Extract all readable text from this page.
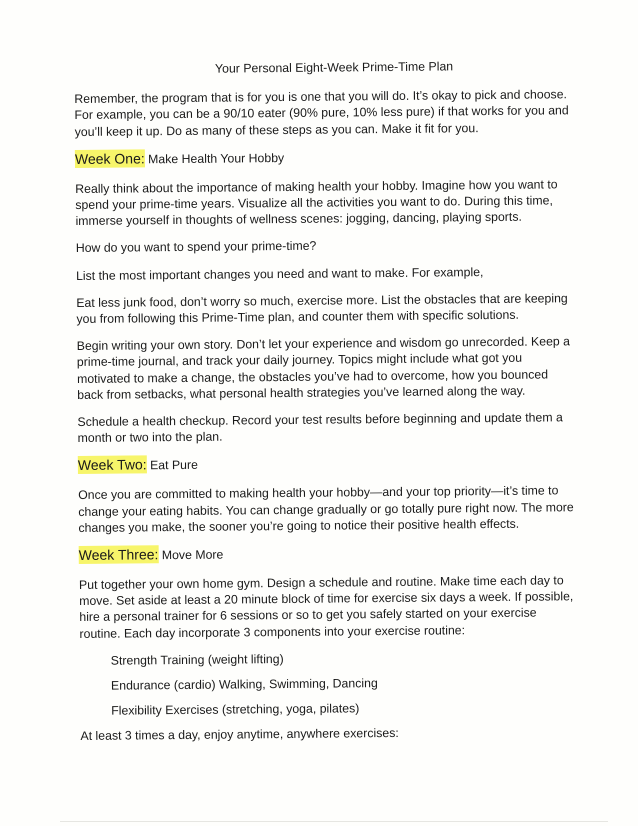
Your Personal Eight-Week Prime-Time Plan

Remember, the program that is for you is one that you will do. It’s okay to pick and choose. For example, you can be a 90/10 eater (90% pure, 10% less pure) if that works for you and you’ll keep it up. Do as many of these steps as you can. Make it fit for you.

Week One: Make Health Your Hobby

Really think about the importance of making health your hobby. Imagine how you want to spend your prime-time years. Visualize all the activities you want to do. During this time, immerse yourself in thoughts of wellness scenes: jogging, dancing, playing sports.

How do you want to spend your prime-time?

List the most important changes you need and want to make. For example,

Eat less junk food, don’t worry so much, exercise more. List the obstacles that are keeping you from following this Prime-Time plan, and counter them with specific solutions.

Begin writing your own story. Don’t let your experience and wisdom go unrecorded. Keep a prime-time journal, and track your daily journey. Topics might include what got you motivated to make a change, the obstacles you’ve had to overcome, how you bounced back from setbacks, what personal health strategies you’ve learned along the way.

Schedule a health checkup. Record your test results before beginning and update them a month or two into the plan.

Week Two: Eat Pure

Once you are committed to making health your hobby—and your top priority—it’s time to change your eating habits. You can change gradually or go totally pure right now. The more changes you make, the sooner you’re going to notice their positive health effects.

Week Three: Move More

Put together your own home gym. Design a schedule and routine. Make time each day to move. Set aside at least a 20 minute block of time for exercise six days a week. If possible, hire a personal trainer for 6 sessions or so to get you safely started on your exercise routine. Each day incorporate 3 components into your exercise routine:

Strength Training (weight lifting)

Endurance (cardio) Walking, Swimming, Dancing

Flexibility Exercises (stretching, yoga, pilates)

At least 3 times a day, enjoy anytime, anywhere exercises:
